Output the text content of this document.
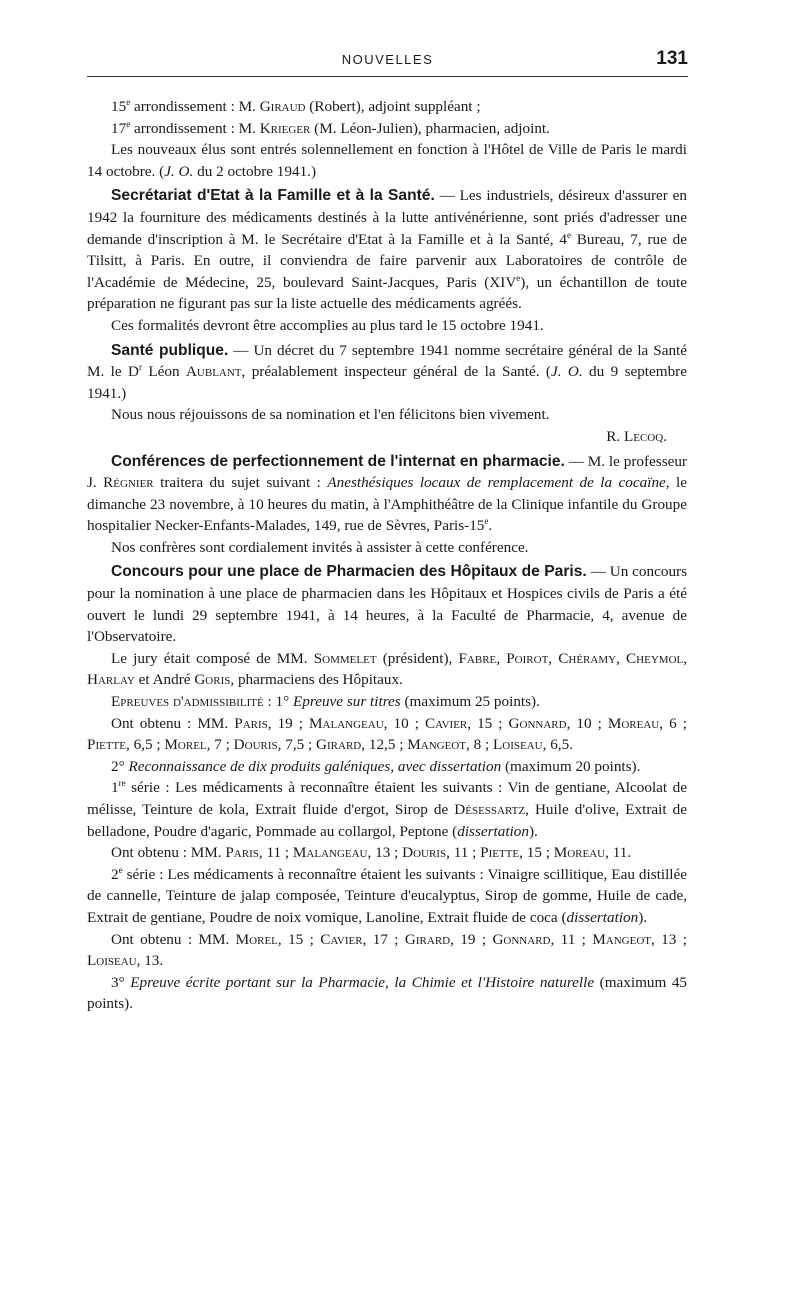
NOUVELLES	131

15e arrondissement : M. Giraud (Robert), adjoint suppléant ;

17e arrondissement : M. Krieger (M. Léon-Julien), pharmacien, adjoint.

Les nouveaux élus sont entrés solennellement en fonction à l'Hôtel de Ville de Paris le mardi 14 octobre. (J. O. du 2 octobre 1941.)

Secrétariat d'Etat à la Famille et à la Santé. — Les industriels, désireux d'assurer en 1942 la fourniture des médicaments destinés à la lutte antivénérienne, sont priés d'adresser une demande d'inscription à M. le Secrétaire d'Etat à la Famille et à la Santé, 4e Bureau, 7, rue de Tilsitt, à Paris. En outre, il conviendra de faire parvenir aux Laboratoires de contrôle de l'Académie de Médecine, 25, boulevard Saint-Jacques, Paris (XIVe), un échantillon de toute préparation ne figurant pas sur la liste actuelle des médicaments agréés.

Ces formalités devront être accomplies au plus tard le 15 octobre 1941.

Santé publique. — Un décret du 7 septembre 1941 nomme secrétaire général de la Santé M. le $D^r$ Léon Aublant, préalablement inspecteur général de la Santé. (J. O. du 9 septembre 1941.)

Nous nous réjouissons de sa nomination et l'en félicitons bien vivement.

R. Lecoq.

Conférences de perfectionnement de l'internat en pharmacie. — M. le professeur J. Régnier traitera du sujet suivant : Anesthésiques locaux de remplacement de la cocaïne, le dimanche 23 novembre, à 10 heures du matin, à l'Amphithéâtre de la Clinique infantile du Groupe hospitalier Necker-Enfants-Malades, 149, rue de Sèvres, Paris-15e.

Nos confrères sont cordialement invités à assister à cette conférence.

Concours pour une place de Pharmacien des Hôpitaux de Paris. — Un concours pour la nomination à une place de pharmacien dans les Hôpitaux et Hospices civils de Paris a été ouvert le lundi 29 septembre 1941, à 14 heures, à la Faculté de Pharmacie, 4, avenue de l'Observatoire.

Le jury était composé de MM. Sommelet (président), Fabre, Poirot, Chéramy, Cheymol, Harlay et André Goris, pharmaciens des Hôpitaux.

Epreuves d'admissibilité : 1° Epreuve sur titres (maximum 25 points).

Ont obtenu : MM. Paris, 19 ; Malangeau, 10 ; Cavier, 15 ; Gonnard, 10 ; Moreau, 6 ; Piette, 6,5 ; Morel, 7 ; Douris, 7,5 ; Girard, 12,5 ; Mangeot, 8 ; Loiseau, 6,5.

2° Reconnaissance de dix produits galéniques, avec dissertation (maximum 20 points).

1re série : Les médicaments à reconnaître étaient les suivants : Vin de gentiane, Alcoolat de mélisse, Teinture de kola, Extrait fluide d'ergot, Sirop de Désessartz, Huile d'olive, Extrait de belladone, Poudre d'agaric, Pommade au collargol, Peptone (dissertation).

Ont obtenu : MM. Paris, 11 ; Malangeau, 13 ; Douris, 11 ; Piette, 15 ; Moreau, 11.

2e série : Les médicaments à reconnaître étaient les suivants : Vinaigre scillitique, Eau distillée de cannelle, Teinture de jalap composée, Teinture d'eucalyptus, Sirop de gomme, Huile de cade, Extrait de gentiane, Poudre de noix vomique, Lanoline, Extrait fluide de coca (dissertation).

Ont obtenu : MM. Morel, 15 ; Cavier, 17 ; Girard, 19 ; Gonnard, 11 ; Mangeot, 13 ; Loiseau, 13.

3° Epreuve écrite portant sur la Pharmacie, la Chimie et l'Histoire naturelle (maximum 45 points).
